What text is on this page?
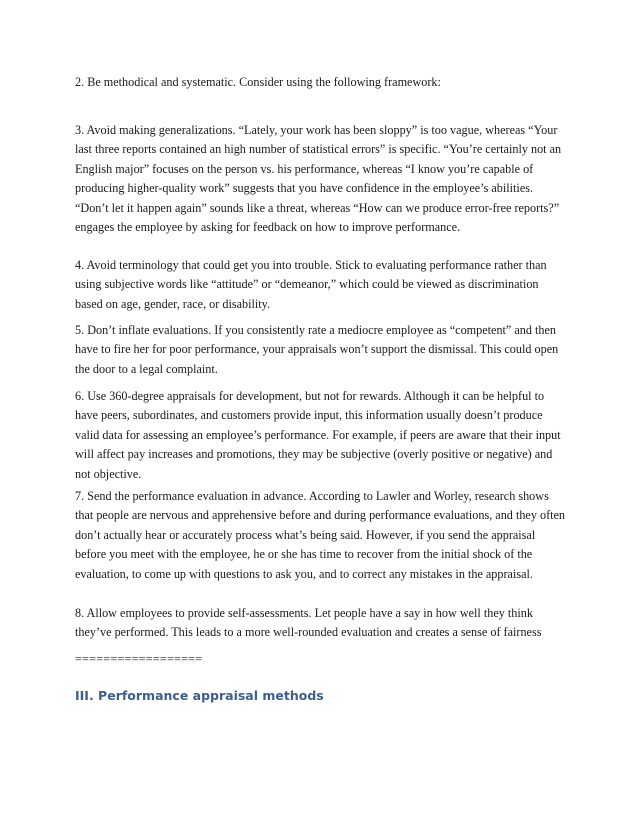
2. Be methodical and systematic. Consider using the following framework:

3. Avoid making generalizations. “Lately, your work has been sloppy” is too vague, whereas “Your last three reports contained an high number of statistical errors” is specific. “You’re certainly not an English major” focuses on the person vs. his performance, whereas “I know you’re capable of producing higher-quality work” suggests that you have confidence in the employee’s abilities. “Don’t let it happen again” sounds like a threat, whereas “How can we produce error-free reports?” engages the employee by asking for feedback on how to improve performance.

4. Avoid terminology that could get you into trouble. Stick to evaluating performance rather than using subjective words like “attitude” or “demeanor,” which could be viewed as discrimination based on age, gender, race, or disability.

5. Don’t inflate evaluations. If you consistently rate a mediocre employee as “competent” and then have to fire her for poor performance, your appraisals won’t support the dismissal. This could open the door to a legal complaint.

6. Use 360-degree appraisals for development, but not for rewards. Although it can be helpful to have peers, subordinates, and customers provide input, this information usually doesn’t produce valid data for assessing an employee’s performance. For example, if peers are aware that their input will affect pay increases and promotions, they may be subjective (overly positive or negative) and not objective.

7. Send the performance evaluation in advance. According to Lawler and Worley, research shows that people are nervous and apprehensive before and during performance evaluations, and they often don’t actually hear or accurately process what’s being said. However, if you send the appraisal before you meet with the employee, he or she has time to recover from the initial shock of the evaluation, to come up with questions to ask you, and to correct any mistakes in the appraisal.

8. Allow employees to provide self-assessments. Let people have a say in how well they think they’ve performed. This leads to a more well-rounded evaluation and creates a sense of fairness

==================

III. Performance appraisal methods
